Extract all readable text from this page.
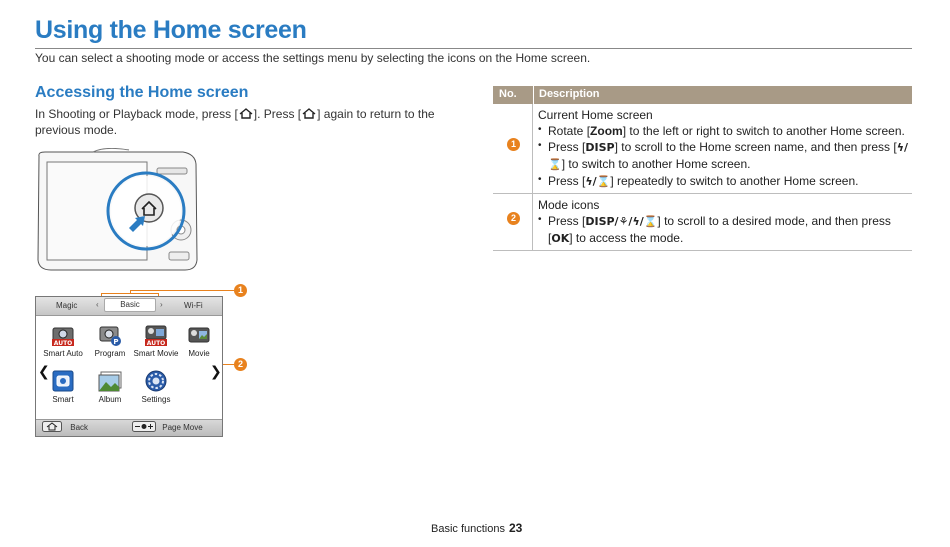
Using the Home screen
You can select a shooting mode or access the settings menu by selecting the icons on the Home screen.
Accessing the Home screen
In Shooting or Playback mode, press [ ]. Press [ ] again to return to the previous mode.
1
2
Magic ‹	Basic	›	Wi-Fi
❮	❯
AUTO
Smart Auto
P
Program
AUTO
Smart Movie	Movie
Smart	Album	Settings
Back	Page Move
No. Description
1
Current Home screen
• Rotate [Zoom] to the left or right to switch to another Home screen.
• Press [DISP] to scroll to the Home screen name, and then press [ϟ/⌛] to switch to another Home screen.
• Press [ϟ/⌛] repeatedly to switch to another Home screen.
2
Mode icons
• Press [DISP/⚘/ϟ/⌛] to scroll to a desired mode, and then press [OK] to access the mode.
Basic functions 23
